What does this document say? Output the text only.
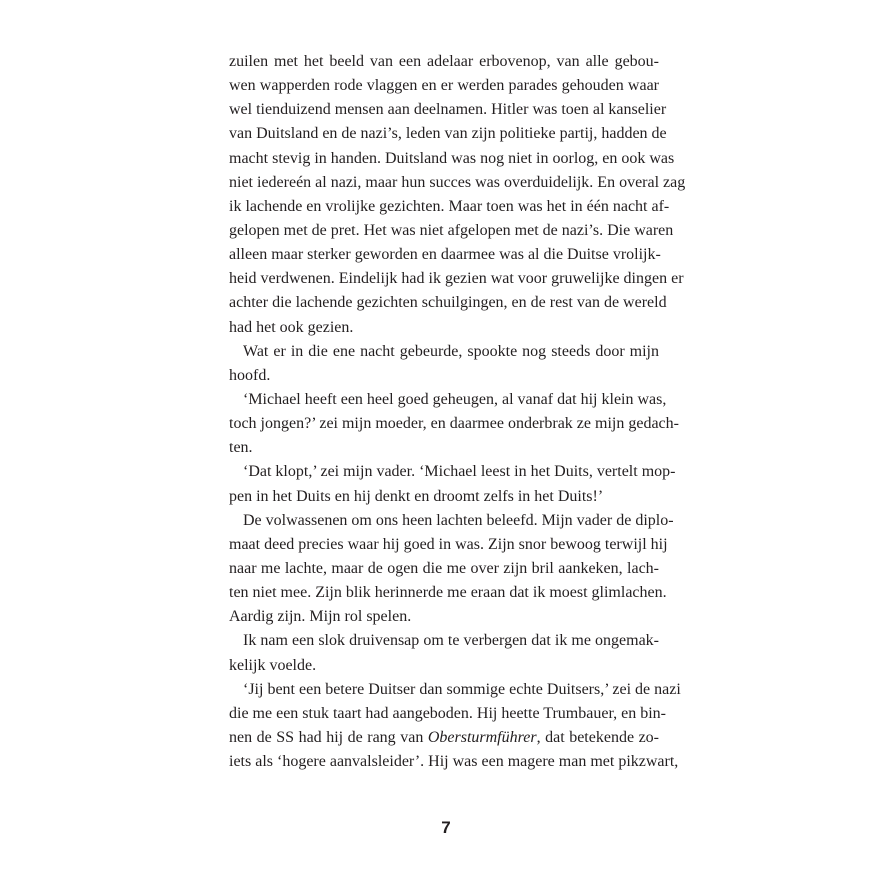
zuilen met het beeld van een adelaar erbovenop, van alle gebou-
wen wapperden rode vlaggen en er werden parades gehouden waar
wel tienduizend mensen aan deelnamen. Hitler was toen al kanselier
van Duitsland en de nazi’s, leden van zijn politieke partij, hadden de
macht stevig in handen. Duitsland was nog niet in oorlog, en ook was
niet iedereén al nazi, maar hun succes was overduidelijk. En overal zag
ik lachende en vrolijke gezichten. Maar toen was het in één nacht af-
gelopen met de pret. Het was niet afgelopen met de nazi’s. Die waren
alleen maar sterker geworden en daarmee was al die Duitse vrolijk-
heid verdwenen. Eindelijk had ik gezien wat voor gruwelijke dingen er
achter die lachende gezichten schuilgingen, en de rest van de wereld
had het ook gezien.
Wat er in die ene nacht gebeurde, spookte nog steeds door mijn
hoofd.
‘Michael heeft een heel goed geheugen, al vanaf dat hij klein was,
toch jongen?’ zei mijn moeder, en daarmee onderbrak ze mijn gedach-
ten.
‘Dat klopt,’ zei mijn vader. ‘Michael leest in het Duits, vertelt mop-
pen in het Duits en hij denkt en droomt zelfs in het Duits!’
De volwassenen om ons heen lachten beleefd. Mijn vader de diplo-
maat deed precies waar hij goed in was. Zijn snor bewoog terwijl hij
naar me lachte, maar de ogen die me over zijn bril aankeken, lach-
ten niet mee. Zijn blik herinnerde me eraan dat ik moest glimlachen.
Aardig zijn. Mijn rol spelen.
Ik nam een slok druivensap om te verbergen dat ik me ongemak-
kelijk voelde.
‘Jij bent een betere Duitser dan sommige echte Duitsers,’ zei de nazi
die me een stuk taart had aangeboden. Hij heette Trumbauer, en bin-
nen de SS had hij de rang van Obersturmführer, dat betekende zo-
iets als ‘hogere aanvalsleider’. Hij was een magere man met pikzwart,
7
